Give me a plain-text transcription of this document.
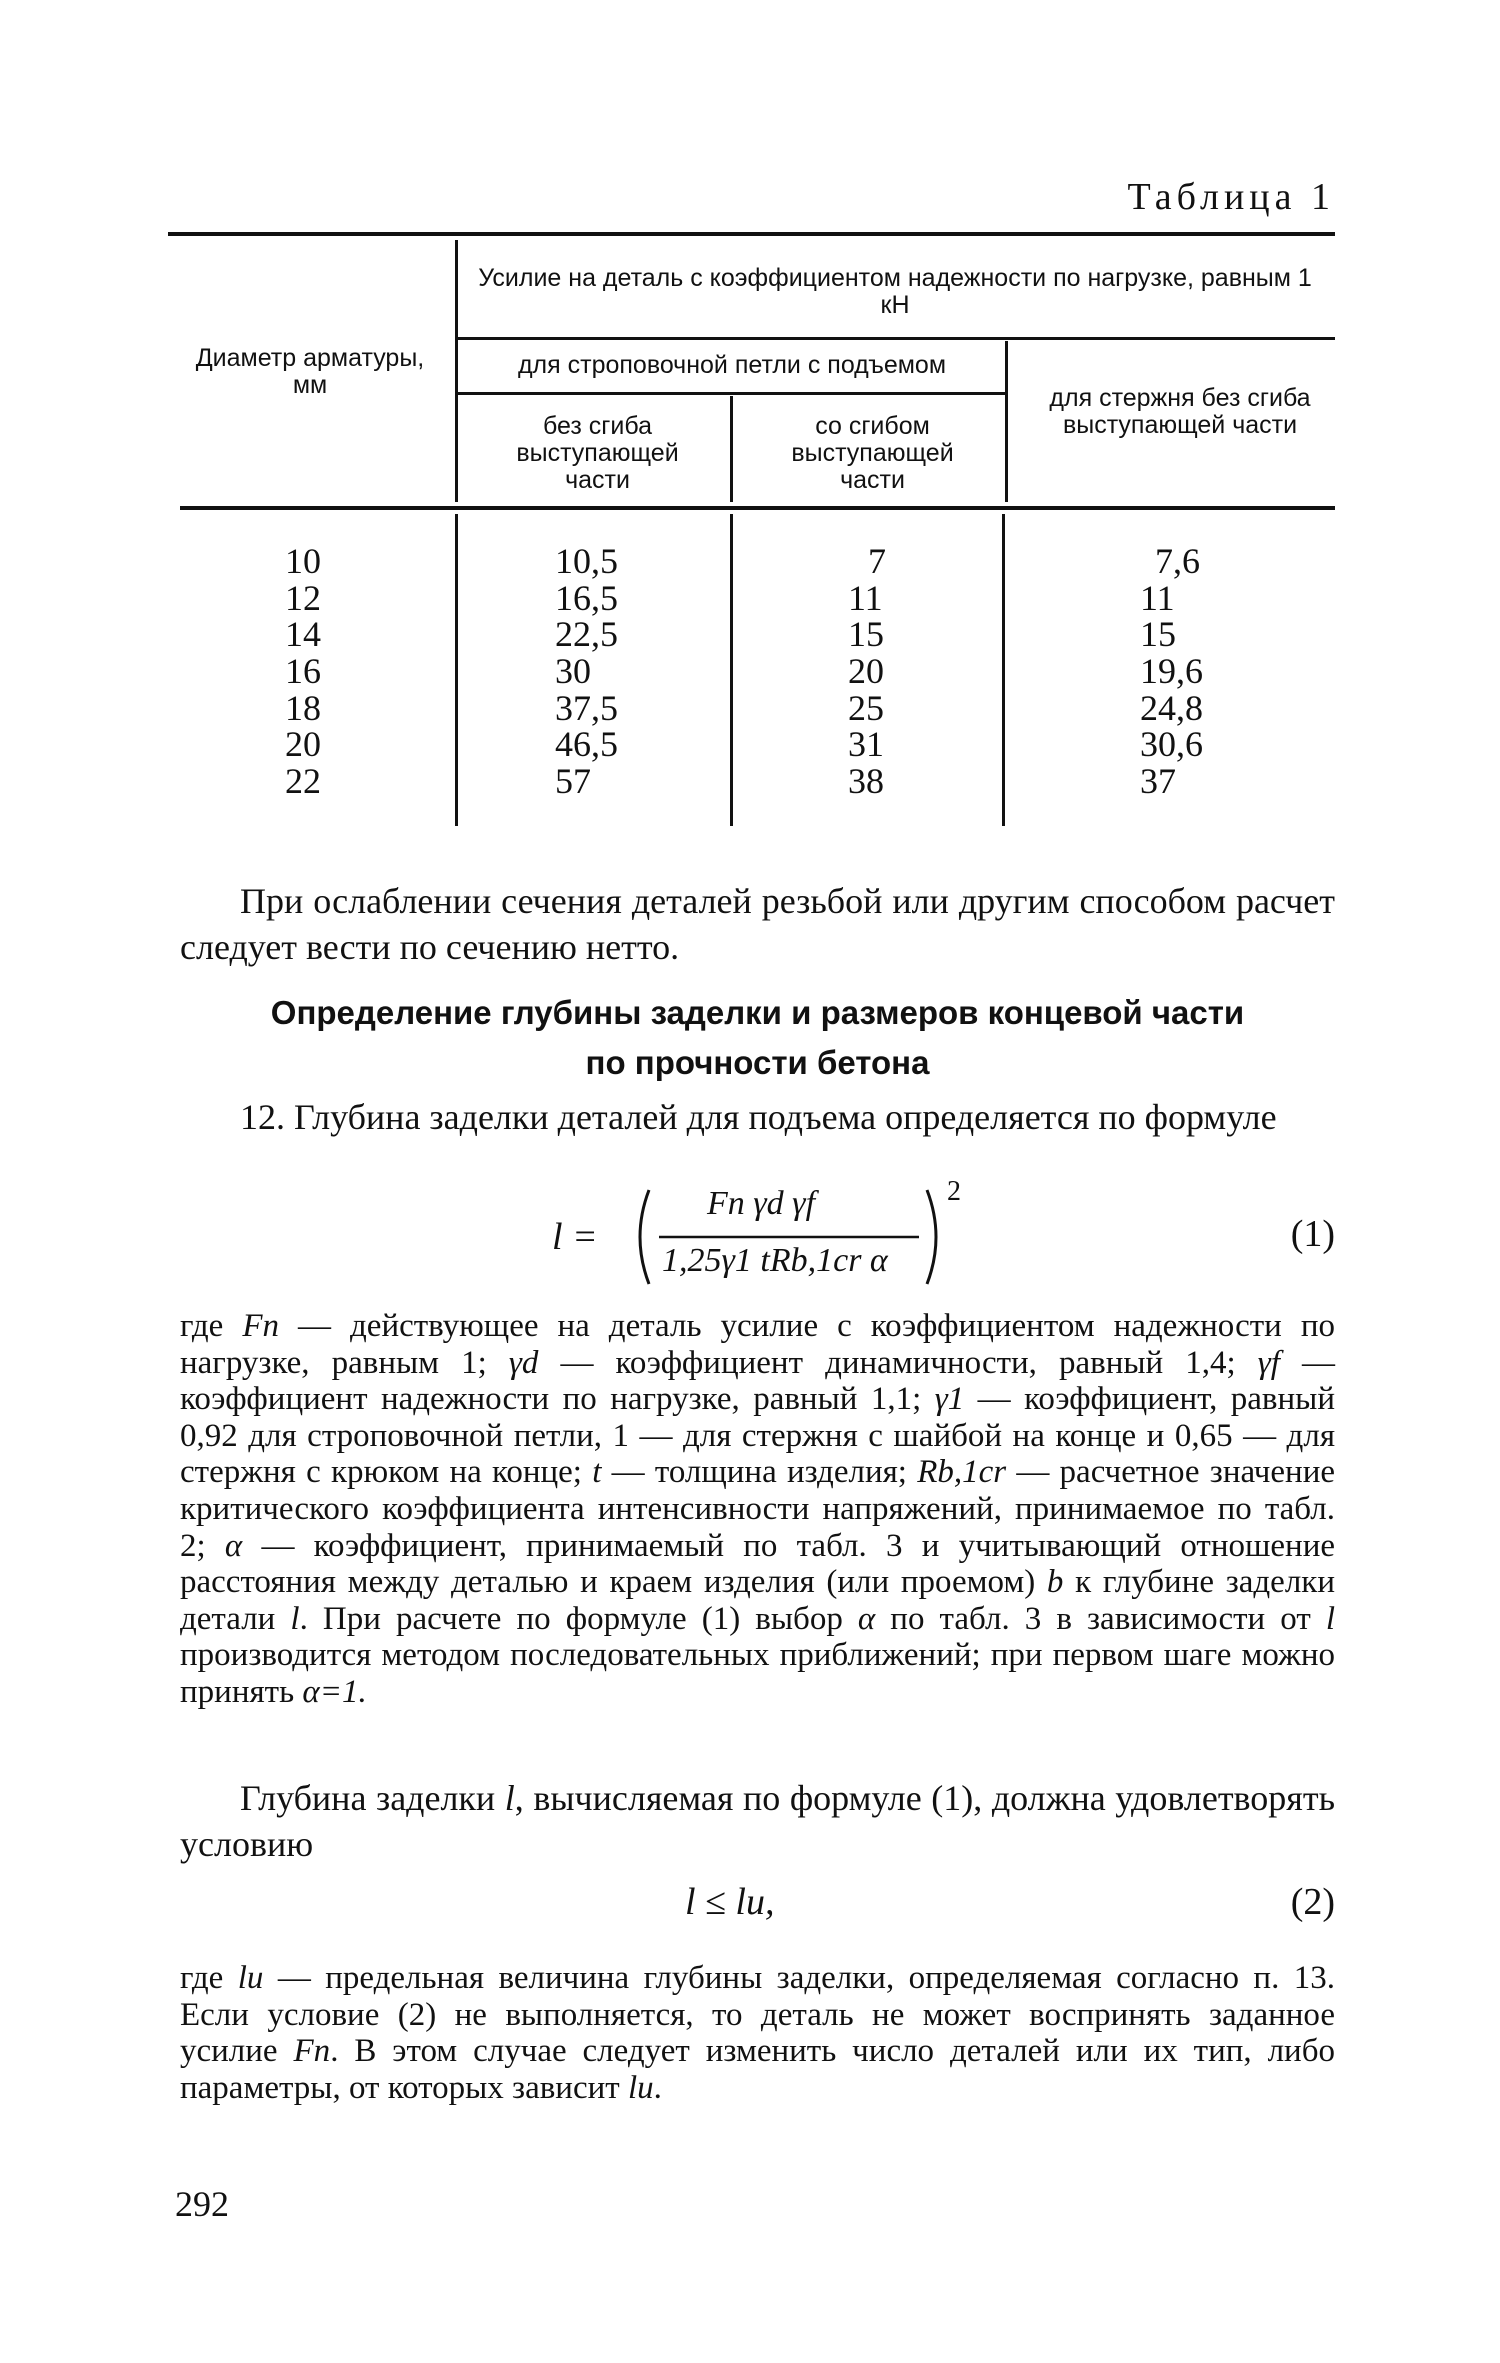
Таблица 1
Диаметр арматуры, мм
Усилие на деталь с коэффициентом надежности по нагрузке, равным 1 кН
для строповочной петли с подъемом
без сгиба выступающей части
со сгибом выступающей части
для стержня без сгиба выступающей части
10
12
14
16
18
20
22
10,5
16,5
22,5
30
37,5
46,5
57
7
11
15
20
25
31
38
7,6
11
15
19,6
24,8
30,6
37
При ослаблении сечения деталей резьбой или другим способом расчет следует вести по сечению нетто.
Определение глубины заделки и размеров концевой части
по прочности бетона
12. Глубина заделки деталей для подъема определяется по формуле
l =
Fn γd γf
1,25γ1 tRb,1cr α
2
(1)
где Fn — действующее на деталь усилие с коэффициентом надежности по нагрузке, равным 1; γd — коэффициент динамичности, равный 1,4; γf — коэффициент надежности по нагрузке, равный 1,1; γ1 — коэффициент, равный 0,92 для строповочной петли, 1 — для стержня с шайбой на конце и 0,65 — для стержня с крюком на конце; t — толщина изделия; Rb,1cr — расчетное значение критического коэффициента интенсивности напряжений, принимаемое по табл. 2; α — коэффициент, принимаемый по табл. 3 и учитывающий отношение расстояния между деталью и краем изделия (или проемом) b к глубине заделки детали l. При расчете по формуле (1) выбор α по табл. 3 в зависимости от l производится методом последовательных приближений; при первом шаге можно принять α=1.
Глубина заделки l, вычисляемая по формуле (1), должна удовлетворять условию
l ≤ lu,	(2)
где lu — предельная величина глубины заделки, определяемая согласно п. 13. Если условие (2) не выполняется, то деталь не может воспринять заданное усилие Fn. В этом случае следует изменить число деталей или их тип, либо параметры, от которых зависит lu.
292
